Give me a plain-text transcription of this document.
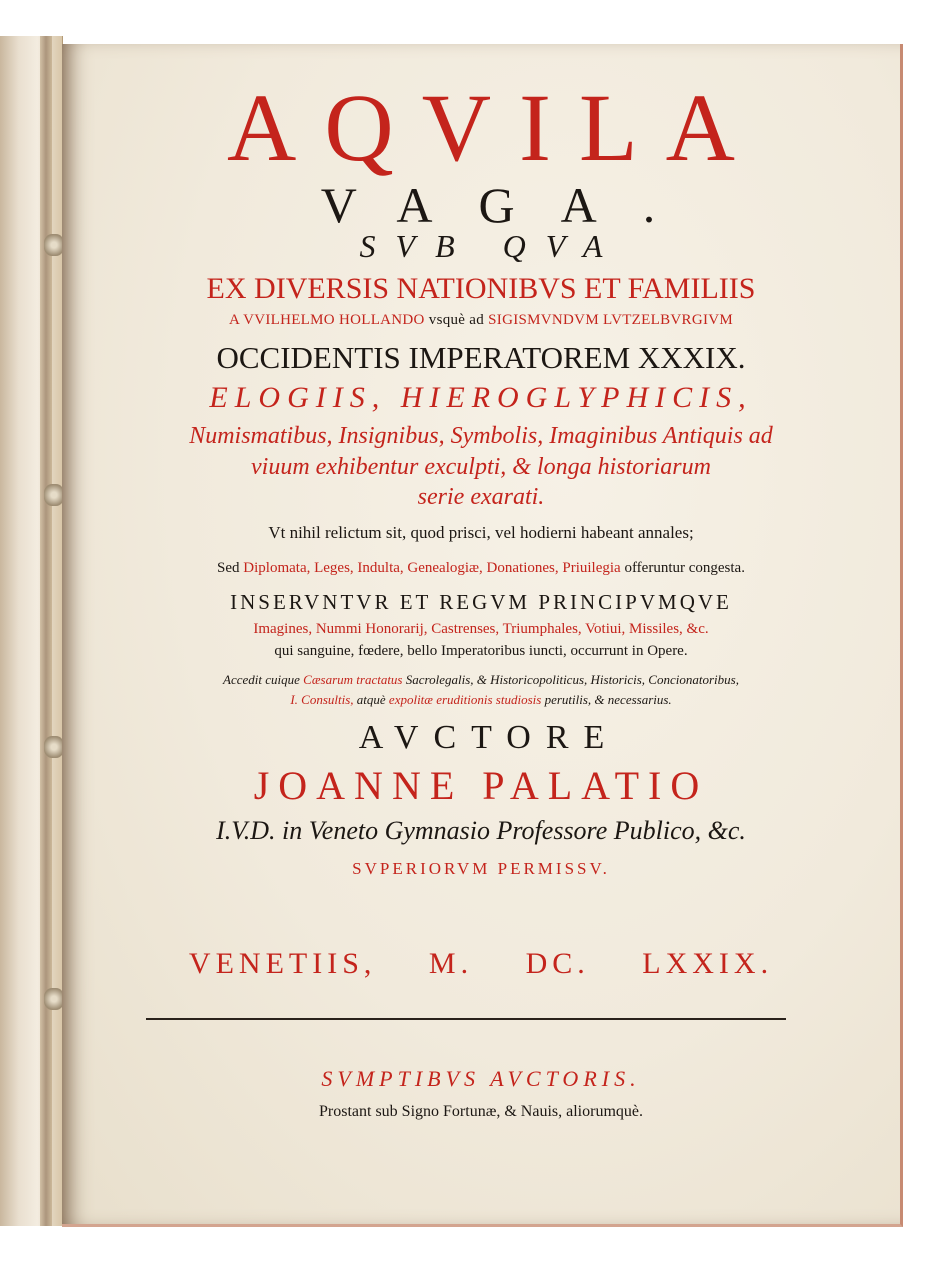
AQVILA
VAGA.
SVB QVA
EX DIVERSIS NATIONIBVS ET FAMILIIS
A VVILHELMO HOLLANDO vsquè ad SIGISMVNDVM LVTZELBVRGIVM
OCCIDENTIS IMPERATOREM XXXIX.
ELOGIIS, HIEROGLYPHICIS,
Numismatibus, Insignibus, Symbolis, Imaginibus Antiquis ad
viuum exhibentur exculpti, & longa historiarum
serie exarati.
Vt nihil relictum sit, quod prisci, vel hodierni habeant annales;
Sed Diplomata, Leges, Indulta, Genealogiæ, Donationes, Priuilegia offeruntur congesta.
INSERVNTVR ET REGVM PRINCIPVMQVE
Imagines, Nummi Honorarij, Castrenses, Triumphales, Votiui, Missiles, &c.
qui sanguine, fœdere, bello Imperatoribus iuncti, occurrunt in Opere.
Accedit cuique Cæsarum tractatus Sacrolegalis, & Historicopoliticus, Historicis, Concionatoribus,
I. Consultis, atquè expolitæ eruditionis studiosis perutilis, & necessarius.
AVCTORE
JOANNE PALATIO
I.V.D. in Veneto Gymnasio Professore Publico, &c.
SVPERIORVM PERMISSV.
VENETIIS, M. DC. LXXIX.
SVMPTIBVS AVCTORIS.
Prostant sub Signo Fortunæ, & Nauis, aliorumquè.
